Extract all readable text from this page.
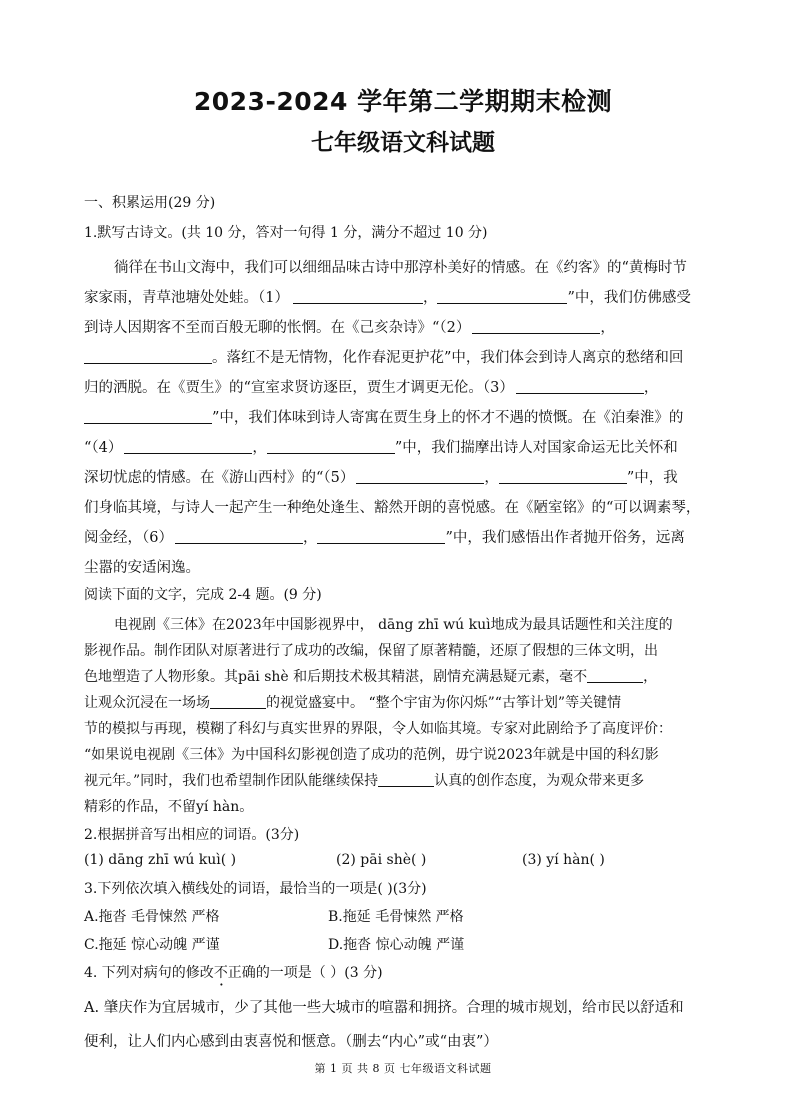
2023-2024 学年第二学期期末检测
七年级语文科试题
一、积累运用(29 分)
1.默写古诗文。(共 10 分，答对一句得 1 分，满分不超过 10 分)
徜徉在书山文海中，我们可以细细品味古诗中那淳朴美好的情感。在《约客》的“黄梅时节
家家雨，青草池塘处处蛙。（1）	，	”中，我们仿佛感受
到诗人因期客不至而百般无聊的怅惘。在《己亥杂诗》“（2）	，
。落红不是无情物，化作春泥更护花”中，我们体会到诗人离京的愁绪和回
归的洒脱。在《贾生》的“宣室求贤访逐臣，贾生才调更无伦。（3）	，
”中，我们体味到诗人寄寓在贾生身上的怀才不遇的愤慨。在《泊秦淮》的
“（4）	，	”中，我们揣摩出诗人对国家命运无比关怀和
深切忧虑的情感。在《游山西村》的“（5）	，	”中，我
们身临其境，与诗人一起产生一种绝处逢生、豁然开朗的喜悦感。在《陋室铭》的“可以调素琴，
阅金经，（6）	，	”中，我们感悟出作者抛开俗务，远离
尘嚣的安适闲逸。
阅读下面的文字，完成 2-4 题。(9 分)
电视剧《三体》在2023年中国影视界中， dāng zhī wú kuì地成为最具话题性和关注度的
影视作品。制作团队对原著进行了成功的改编，保留了原著精髓，还原了假想的三体文明，出
色地塑造了人物形象。其pāi shè 和后期技术极其精湛，剧情充满悬疑元素，毫不	，
让观众沉浸在一场场	的视觉盛宴中。 “整个宇宙为你闪烁”“古筝计划”等关键情
节的模拟与再现，模糊了科幻与真实世界的界限，令人如临其境。专家对此剧给予了高度评价：
“如果说电视剧《三体》为中国科幻影视创造了成功的范例，毋宁说2023年就是中国的科幻影
视元年。”同时，我们也希望制作团队能继续保持	认真的创作态度，为观众带来更多
精彩的作品，不留yí hàn。
2.根据拼音写出相应的词语。(3分)
(1) dāng zhī wú kuì( )	(2) pāi shè( )	(3) yí hàn( )
3.下列依次填入横线处的词语，最恰当的一项是( )(3分)
A.拖沓 毛骨悚然 严格	B.拖延 毛骨悚然 严格
C.拖延 惊心动魄 严谨	D.拖沓 惊心动魄 严谨
4. 下列对病句的修改不正确的一项是（ ）(3 分)
A. 肇庆作为宜居城市，少了其他一些大城市的喧嚣和拥挤。合理的城市规划，给市民以舒适和
便利，让人们内心感到由衷喜悦和惬意。（删去“内心”或“由衷”）
第 1 页 共 8 页 七年级语文科试题
